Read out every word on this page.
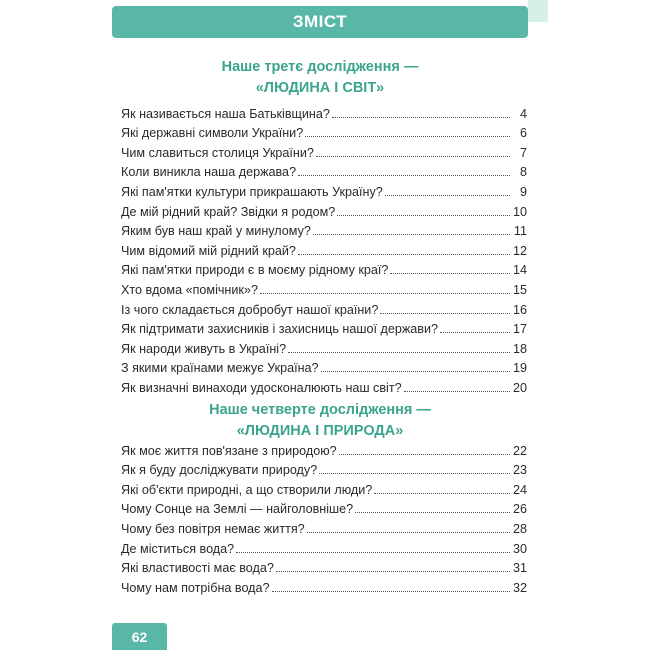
ЗМІСТ
Наше третє дослідження —
«ЛЮДИНА І СВІТ»
Як називається наша Батьківщина?	4
Які державні символи України?	6
Чим славиться столиця України?	7
Коли виникла наша держава?	8
Які пам'ятки культури прикрашають Україну?	9
Де мій рідний край? Звідки я родом?	10
Яким був наш край у минулому?	11
Чим відомий мій рідний край?	12
Які пам'ятки природи є в моєму рідному краї?	14
Хто вдома «помічник»?	15
Із чого складається добробут нашої країни?	16
Як підтримати захисників і захисниць нашої держави?	17
Як народи живуть в Україні?	18
З якими країнами межує Україна?	19
Як визначні винаходи удосконалюють наш світ?	20
Наше четверте дослідження —
«ЛЮДИНА І ПРИРОДА»
Як моє життя пов'язане з природою?	22
Як я буду досліджувати природу?	23
Які об'єкти природні, а що створили люди?	24
Чому Сонце на Землі — найголовніше?	26
Чому без повітря немає життя?	28
Де міститься вода?	30
Які властивості має вода?	31
Чому нам потрібна вода?	32
62
